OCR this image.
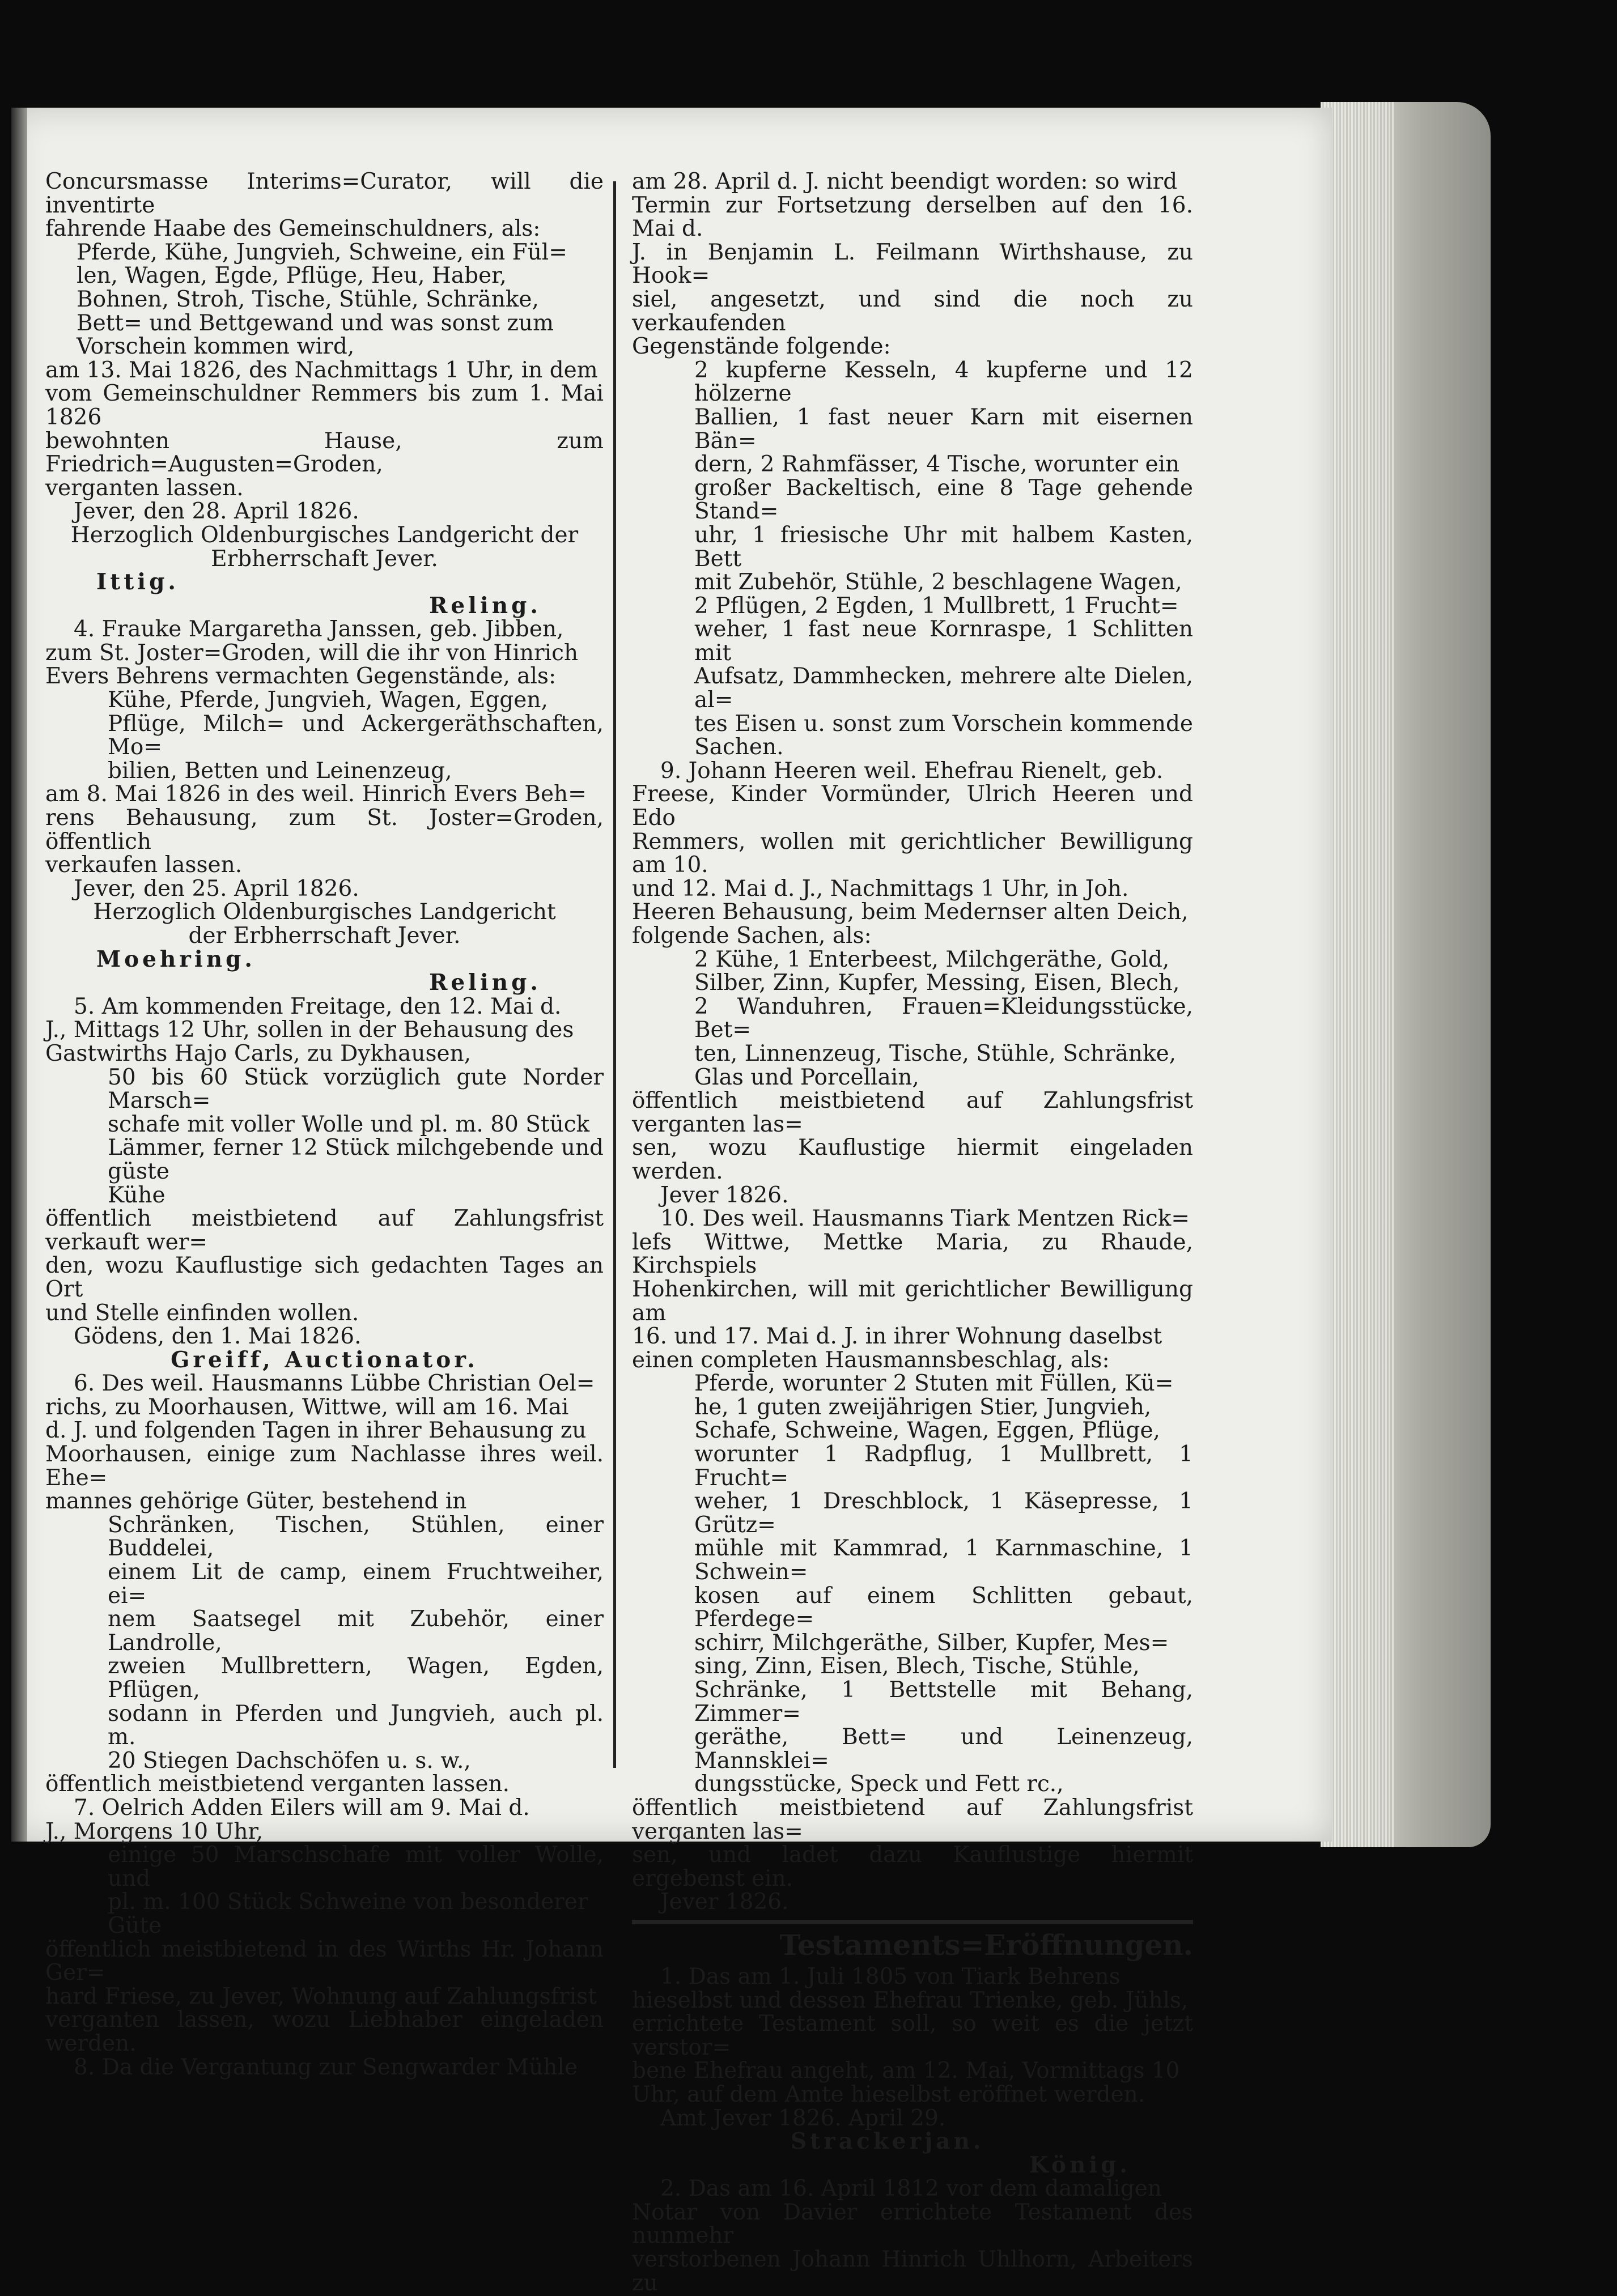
Concursmasse Interims=Curator, will die inventirte

fahrende Haabe des Gemeinschuldners, als:

Pferde, Kühe, Jungvieh, Schweine, ein Fül=

len, Wagen, Egde, Pflüge, Heu, Haber,

Bohnen, Stroh, Tische, Stühle, Schränke,

Bett= und Bettgewand und was sonst zum

Vorschein kommen wird,

am 13. Mai 1826, des Nachmittags 1 Uhr, in dem

vom Gemeinschuldner Remmers bis zum 1. Mai 1826

bewohnten Hause, zum Friedrich=Augusten=Groden,

verganten lassen.

Jever, den 28. April 1826.

Herzoglich Oldenburgisches Landgericht der

Erbherrschaft Jever.

Ittig.

Reling.

4. Frauke Margaretha Janssen, geb. Jibben,

zum St. Joster=Groden, will die ihr von Hinrich

Evers Behrens vermachten Gegenstände, als:

Kühe, Pferde, Jungvieh, Wagen, Eggen,

Pflüge, Milch= und Ackergeräthschaften, Mo=

bilien, Betten und Leinenzeug,

am 8. Mai 1826 in des weil. Hinrich Evers Beh=

rens Behausung, zum St. Joster=Groden, öffentlich

verkaufen lassen.

Jever, den 25. April 1826.

Herzoglich Oldenburgisches Landgericht

der Erbherrschaft Jever.

Moehring.

Reling.

5. Am kommenden Freitage, den 12. Mai d.

J., Mittags 12 Uhr, sollen in der Behausung des

Gastwirths Hajo Carls, zu Dykhausen,

50 bis 60 Stück vorzüglich gute Norder Marsch=

schafe mit voller Wolle und pl. m. 80 Stück

Lämmer, ferner 12 Stück milchgebende und güste

Kühe

öffentlich meistbietend auf Zahlungsfrist verkauft wer=

den, wozu Kauflustige sich gedachten Tages an Ort

und Stelle einfinden wollen.

Gödens, den 1. Mai 1826.

Greiff, Auctionator.

6. Des weil. Hausmanns Lübbe Christian Oel=

richs, zu Moorhausen, Wittwe, will am 16. Mai

d. J. und folgenden Tagen in ihrer Behausung zu

Moorhausen, einige zum Nachlasse ihres weil. Ehe=

mannes gehörige Güter, bestehend in

Schränken, Tischen, Stühlen, einer Buddelei,

einem Lit de camp, einem Fruchtweiher, ei=

nem Saatsegel mit Zubehör, einer Landrolle,

zweien Mullbrettern, Wagen, Egden, Pflügen,

sodann in Pferden und Jungvieh, auch pl. m.

20 Stiegen Dachschöfen u. s. w.,

öffentlich meistbietend verganten lassen.

7. Oelrich Adden Eilers will am 9. Mai d.

J., Morgens 10 Uhr,

einige 50 Marschschafe mit voller Wolle, und

pl. m. 100 Stück Schweine von besonderer

Güte

öffentlich meistbietend in des Wirths Hr. Johann Ger=

hard Friese, zu Jever, Wohnung auf Zahlungsfrist

verganten lassen, wozu Liebhaber eingeladen werden.

8. Da die Vergantung zur Sengwarder Mühle

am 28. April d. J. nicht beendigt worden: so wird

Termin zur Fortsetzung derselben auf den 16. Mai d.

J. in Benjamin L. Feilmann Wirthshause, zu Hook=

siel, angesetzt, und sind die noch zu verkaufenden

Gegenstände folgende:

2 kupferne Kesseln, 4 kupferne und 12 hölzerne

Ballien, 1 fast neuer Karn mit eisernen Bän=

dern, 2 Rahmfässer, 4 Tische, worunter ein

großer Backeltisch, eine 8 Tage gehende Stand=

uhr, 1 friesische Uhr mit halbem Kasten, Bett

mit Zubehör, Stühle, 2 beschlagene Wagen,

2 Pflügen, 2 Egden, 1 Mullbrett, 1 Frucht=

weher, 1 fast neue Kornraspe, 1 Schlitten mit

Aufsatz, Dammhecken, mehrere alte Dielen, al=

tes Eisen u. sonst zum Vorschein kommende Sachen.

9. Johann Heeren weil. Ehefrau Rienelt, geb.

Freese, Kinder Vormünder, Ulrich Heeren und Edo

Remmers, wollen mit gerichtlicher Bewilligung am 10.

und 12. Mai d. J., Nachmittags 1 Uhr, in Joh.

Heeren Behausung, beim Medernser alten Deich,

folgende Sachen, als:

2 Kühe, 1 Enterbeest, Milchgeräthe, Gold,

Silber, Zinn, Kupfer, Messing, Eisen, Blech,

2 Wanduhren, Frauen=Kleidungsstücke, Bet=

ten, Linnenzeug, Tische, Stühle, Schränke,

Glas und Porcellain,

öffentlich meistbietend auf Zahlungsfrist verganten las=

sen, wozu Kauflustige hiermit eingeladen werden.

Jever 1826.

10. Des weil. Hausmanns Tiark Mentzen Rick=

lefs Wittwe, Mettke Maria, zu Rhaude, Kirchspiels

Hohenkirchen, will mit gerichtlicher Bewilligung am

16. und 17. Mai d. J. in ihrer Wohnung daselbst

einen completen Hausmannsbeschlag, als:

Pferde, worunter 2 Stuten mit Füllen, Kü=

he, 1 guten zweijährigen Stier, Jungvieh,

Schafe, Schweine, Wagen, Eggen, Pflüge,

worunter 1 Radpflug, 1 Mullbrett, 1 Frucht=

weher, 1 Dreschblock, 1 Käsepresse, 1 Grütz=

mühle mit Kammrad, 1 Karnmaschine, 1 Schwein=

kosen auf einem Schlitten gebaut, Pferdege=

schirr, Milchgeräthe, Silber, Kupfer, Mes=

sing, Zinn, Eisen, Blech, Tische, Stühle,

Schränke, 1 Bettstelle mit Behang, Zimmer=

geräthe, Bett= und Leinenzeug, Mannsklei=

dungsstücke, Speck und Fett rc.,

öffentlich meistbietend auf Zahlungsfrist verganten las=

sen, und ladet dazu Kauflustige hiermit ergebenst ein.

Jever 1826.

Testaments=Eröffnungen.

1. Das am 1. Juli 1805 von Tiark Behrens

hieselbst und dessen Ehefrau Trienke, geb. Jühls,

errichtete Testament soll, so weit es die jetzt verstor=

bene Ehefrau angeht, am 12. Mai, Vormittags 10

Uhr, auf dem Amte hieselbst eröffnet werden.

Amt Jever 1826. April 29.

Strackerjan.

König.

2. Das am 16. April 1812 vor dem damaligen

Notar von Davier errichtete Testament des nunmehr

verstorbenen Johann Hinrich Uhlhorn, Arbeiters zu
